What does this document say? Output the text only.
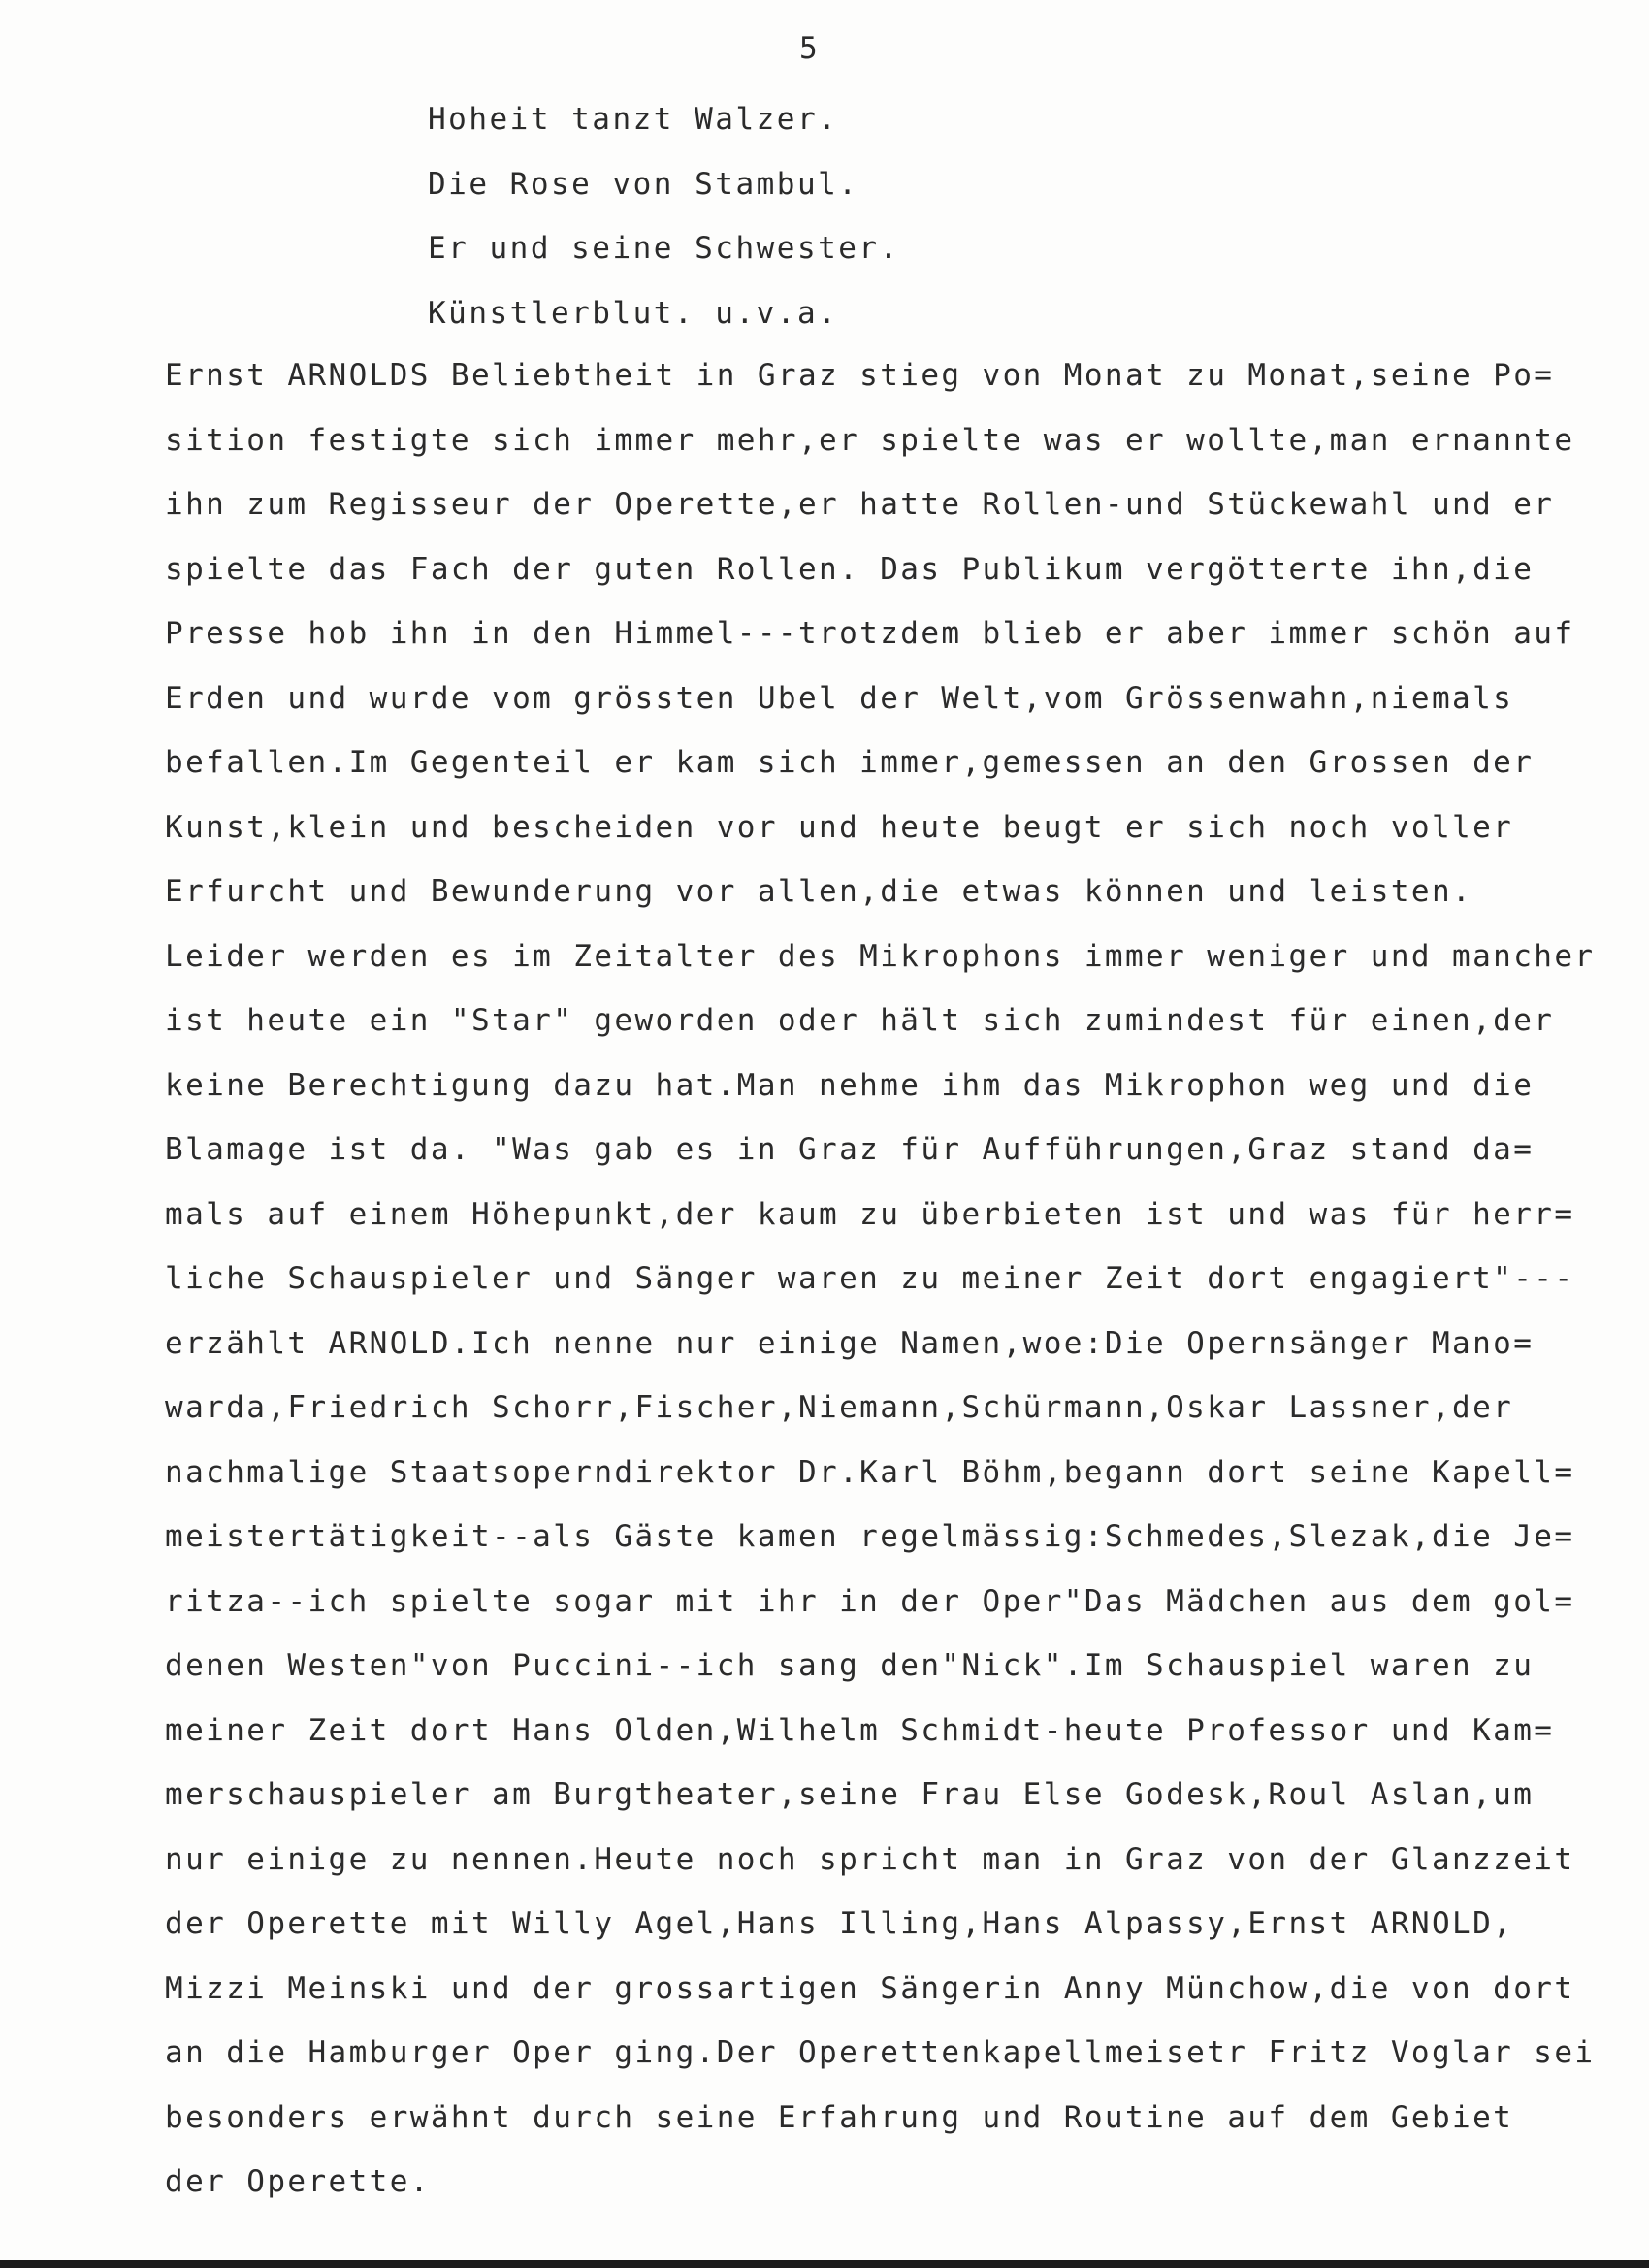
5
Hoheit tanzt Walzer.
Die Rose von Stambul.
Er und seine Schwester.
Künstlerblut. u.v.a.
Ernst ARNOLDS Beliebtheit in Graz stieg von Monat zu Monat,seine Po=
sition festigte sich immer mehr,er spielte was er wollte,man ernannte
ihn zum Regisseur der Operette,er hatte Rollen-und Stückewahl und er
spielte das Fach der guten Rollen. Das Publikum vergötterte ihn,die
Presse hob ihn in den Himmel---trotzdem blieb er aber immer schön auf
Erden und wurde vom grössten Ubel der Welt,vom Grössenwahn,niemals
befallen.Im Gegenteil er kam sich immer,gemessen an den Grossen der
Kunst,klein und bescheiden vor und heute beugt er sich noch voller
Erfurcht und Bewunderung vor allen,die etwas können und leisten.
Leider werden es im Zeitalter des Mikrophons immer weniger und mancher
ist heute ein "Star" geworden oder hält sich zumindest für einen,der
keine Berechtigung dazu hat.Man nehme ihm das Mikrophon weg und die
Blamage ist da. "Was gab es in Graz für Aufführungen,Graz stand da=
mals auf einem Höhepunkt,der kaum zu überbieten ist und was für herr=
liche Schauspieler und Sänger waren zu meiner Zeit dort engagiert"---
erzählt ARNOLD.Ich nenne nur einige Namen,woe:Die Opernsänger Mano=
warda,Friedrich Schorr,Fischer,Niemann,Schürmann,Oskar Lassner,der
nachmalige Staatsoperndirektor Dr.Karl Böhm,begann dort seine Kapell=
meistertätigkeit--als Gäste kamen regelmässig:Schmedes,Slezak,die Je=
ritza--ich spielte sogar mit ihr in der Oper"Das Mädchen aus dem gol=
denen Westen"von Puccini--ich sang den"Nick".Im Schauspiel waren zu
meiner Zeit dort Hans Olden,Wilhelm Schmidt-heute Professor und Kam=
merschauspieler am Burgtheater,seine Frau Else Godesk,Roul Aslan,um
nur einige zu nennen.Heute noch spricht man in Graz von der Glanzzeit
der Operette mit Willy Agel,Hans Illing,Hans Alpassy,Ernst ARNOLD,
Mizzi Meinski und der grossartigen Sängerin Anny Münchow,die von dort
an die Hamburger Oper ging.Der Operettenkapellmeisetr Fritz Voglar sei
besonders erwähnt durch seine Erfahrung und Routine auf dem Gebiet
der Operette.
